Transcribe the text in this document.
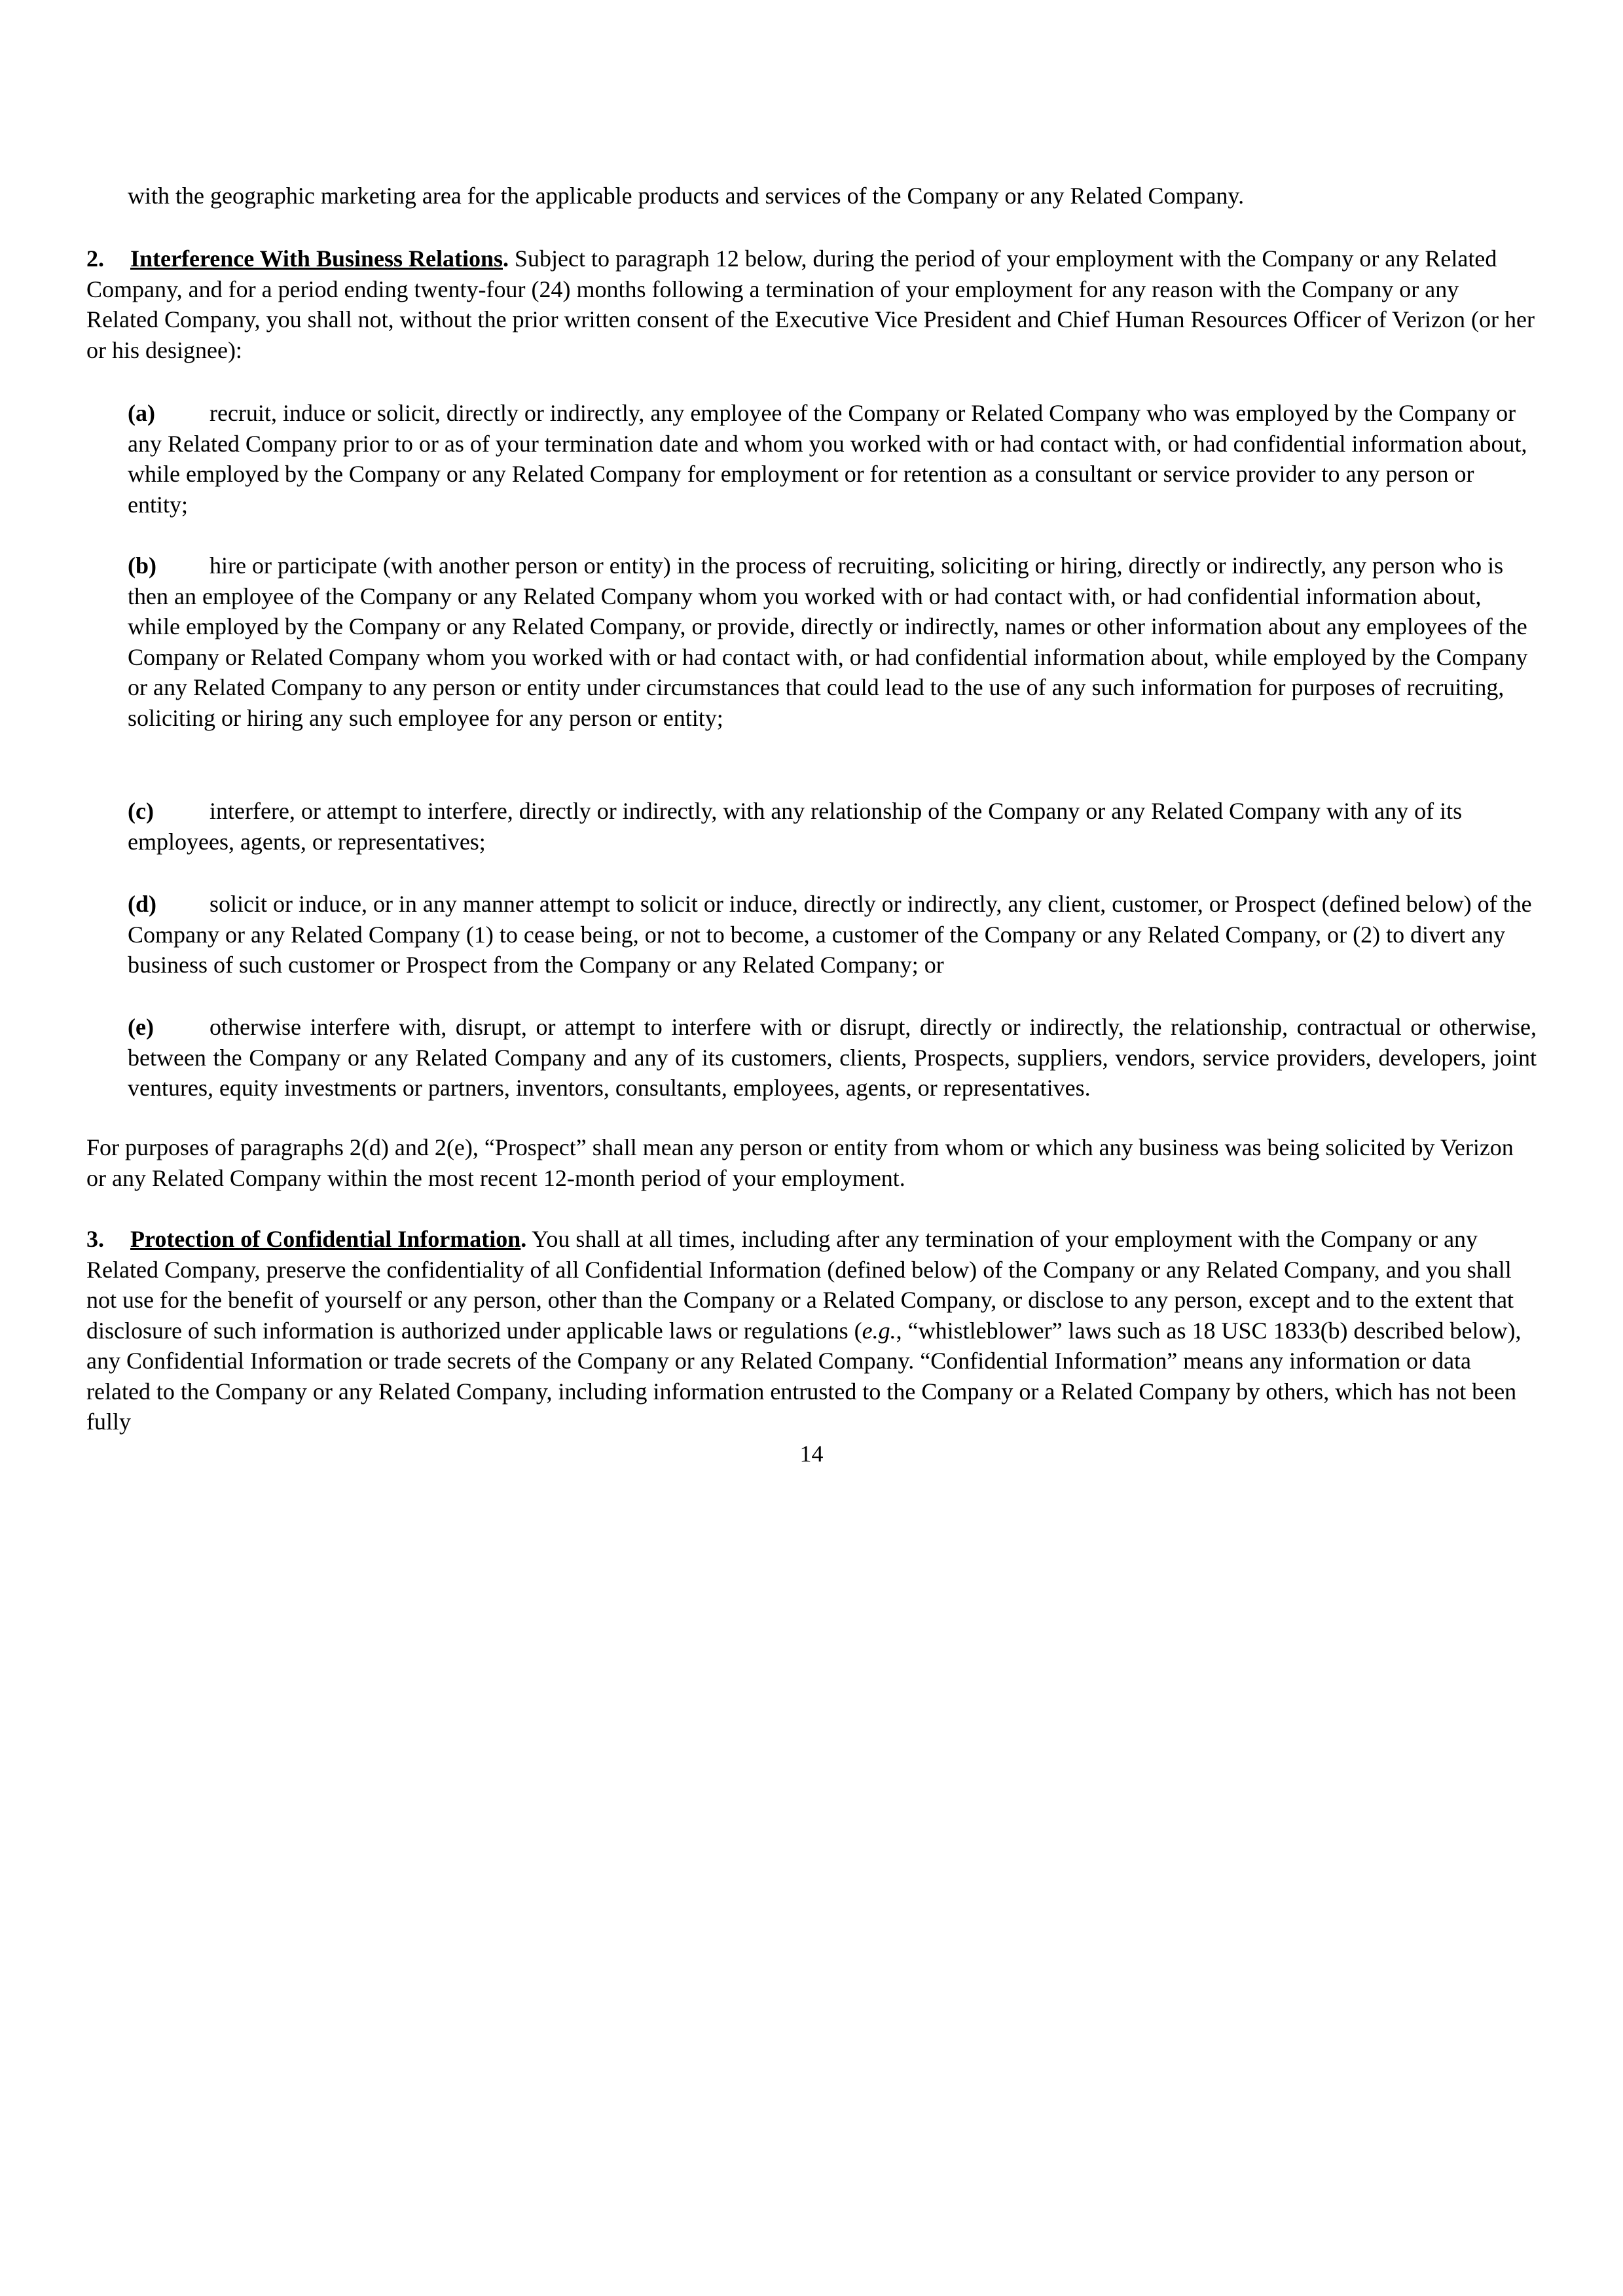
with the geographic marketing area for the applicable products and services of the Company or any Related Company.

2. Interference With Business Relations. Subject to paragraph 12 below, during the period of your employment with the Company or any Related Company, and for a period ending twenty-four (24) months following a termination of your employment for any reason with the Company or any Related Company, you shall not, without the prior written consent of the Executive Vice President and Chief Human Resources Officer of Verizon (or her or his designee):

(a) recruit, induce or solicit, directly or indirectly, any employee of the Company or Related Company who was employed by the Company or any Related Company prior to or as of your termination date and whom you worked with or had contact with, or had confidential information about, while employed by the Company or any Related Company for employment or for retention as a consultant or service provider to any person or entity;

(b) hire or participate (with another person or entity) in the process of recruiting, soliciting or hiring, directly or indirectly, any person who is then an employee of the Company or any Related Company whom you worked with or had contact with, or had confidential information about, while employed by the Company or any Related Company, or provide, directly or indirectly, names or other information about any employees of the Company or Related Company whom you worked with or had contact with, or had confidential information about, while employed by the Company or any Related Company to any person or entity under circumstances that could lead to the use of any such information for purposes of recruiting, soliciting or hiring any such employee for any person or entity;

(c) interfere, or attempt to interfere, directly or indirectly, with any relationship of the Company or any Related Company with any of its employees, agents, or representatives;

(d) solicit or induce, or in any manner attempt to solicit or induce, directly or indirectly, any client, customer, or Prospect (defined below) of the Company or any Related Company (1) to cease being, or not to become, a customer of the Company or any Related Company, or (2) to divert any business of such customer or Prospect from the Company or any Related Company; or

(e) otherwise interfere with, disrupt, or attempt to interfere with or disrupt, directly or indirectly, the relationship, contractual or otherwise, between the Company or any Related Company and any of its customers, clients, Prospects, suppliers, vendors, service providers, developers, joint ventures, equity investments or partners, inventors, consultants, employees, agents, or representatives.

For purposes of paragraphs 2(d) and 2(e), “Prospect” shall mean any person or entity from whom or which any business was being solicited by Verizon or any Related Company within the most recent 12-month period of your employment.

3. Protection of Confidential Information. You shall at all times, including after any termination of your employment with the Company or any Related Company, preserve the confidentiality of all Confidential Information (defined below) of the Company or any Related Company, and you shall not use for the benefit of yourself or any person, other than the Company or a Related Company, or disclose to any person, except and to the extent that disclosure of such information is authorized under applicable laws or regulations (e.g., “whistleblower” laws such as 18 USC 1833(b) described below), any Confidential Information or trade secrets of the Company or any Related Company. “Confidential Information” means any information or data related to the Company or any Related Company, including information entrusted to the Company or a Related Company by others, which has not been fully

14
